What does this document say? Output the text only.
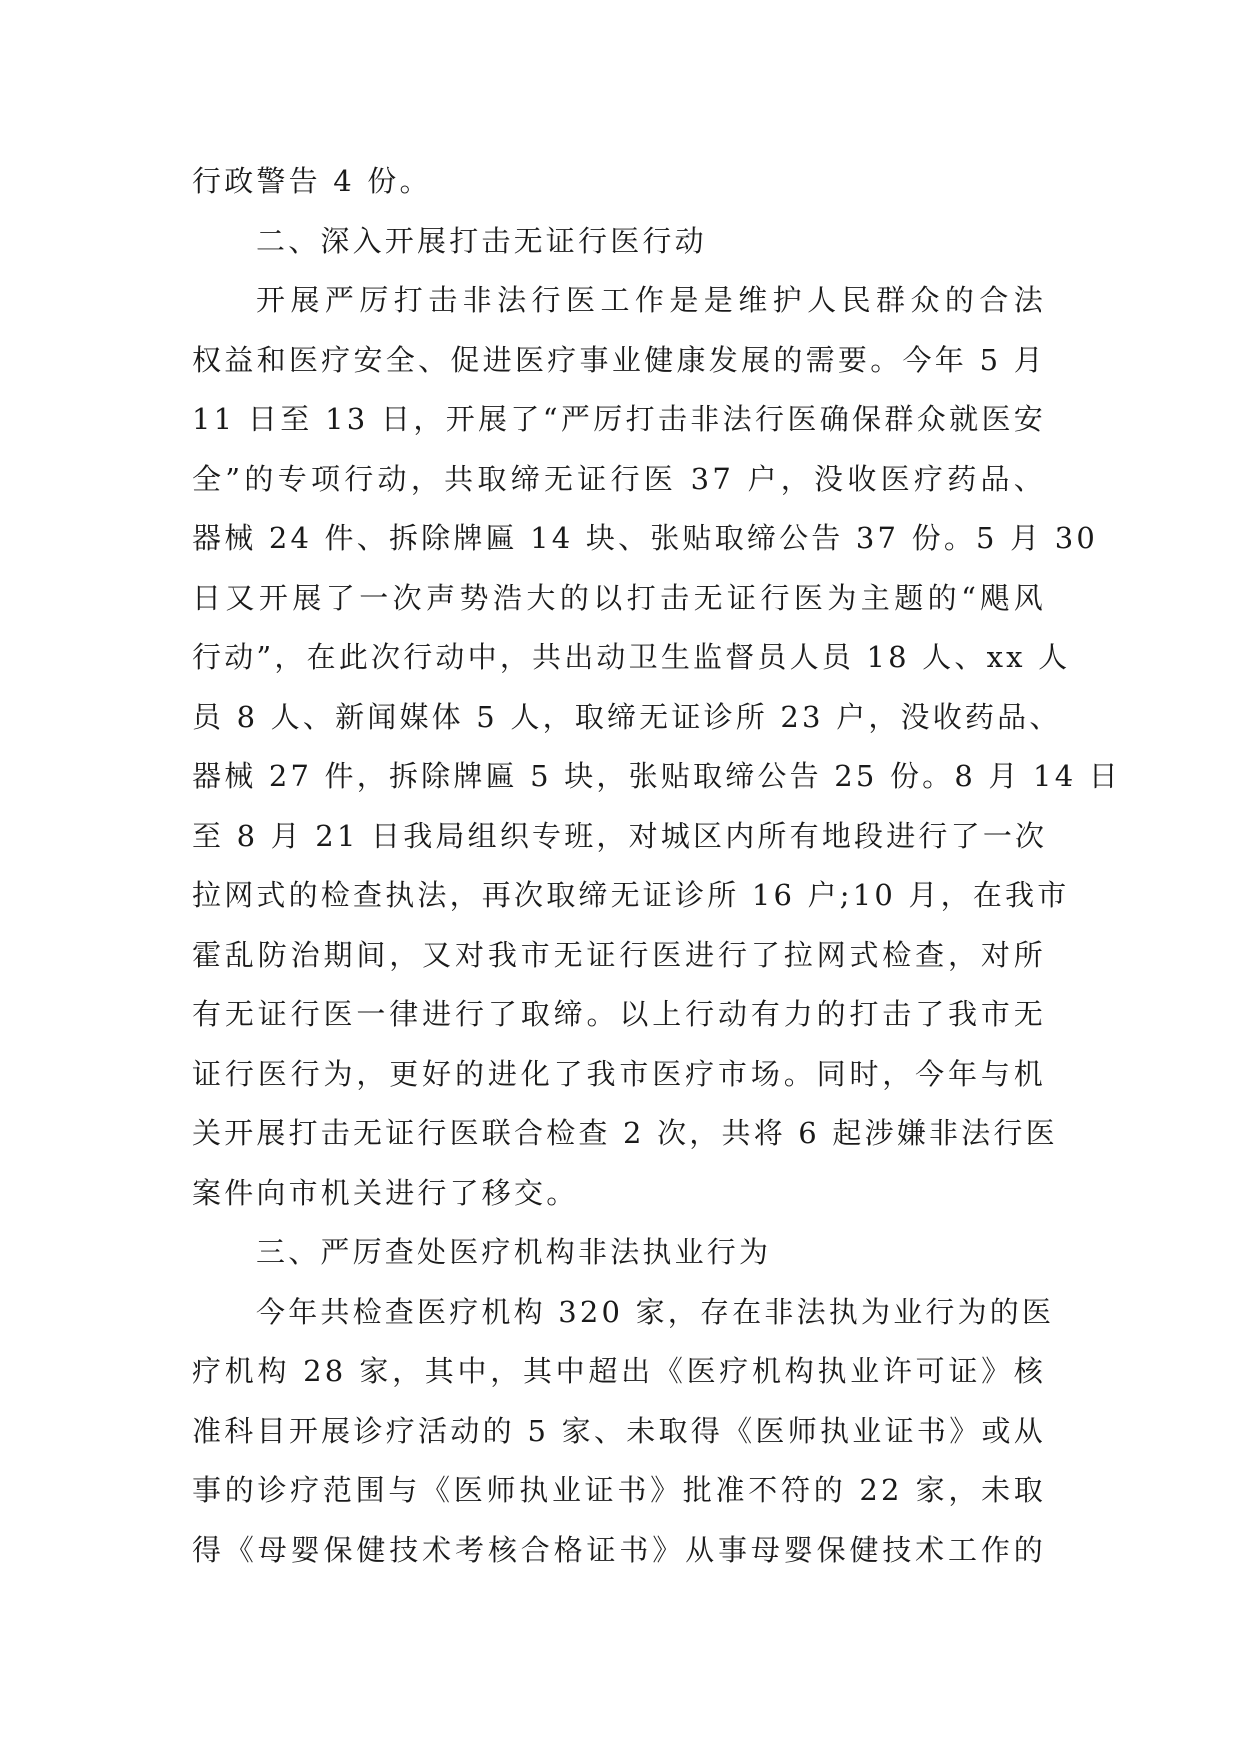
行政警告 4 份。
二、深入开展打击无证行医行动
开展严厉打击非法行医工作是是维护人民群众的合法
权益和医疗安全、促进医疗事业健康发展的需要。今年 5 月
11 日至 13 日，开展了“严厉打击非法行医确保群众就医安
全”的专项行动，共取缔无证行医 37 户，没收医疗药品、
器械 24 件、拆除牌匾 14 块、张贴取缔公告 37 份。5 月 30
日又开展了一次声势浩大的以打击无证行医为主题的“飓风
行动”，在此次行动中，共出动卫生监督员人员 18 人、xx 人
员 8 人、新闻媒体 5 人，取缔无证诊所 23 户，没收药品、
器械 27 件，拆除牌匾 5 块，张贴取缔公告 25 份。8 月 14 日
至 8 月 21 日我局组织专班，对城区内所有地段进行了一次
拉网式的检查执法，再次取缔无证诊所 16 户;10 月，在我市
霍乱防治期间，又对我市无证行医进行了拉网式检查，对所
有无证行医一律进行了取缔。以上行动有力的打击了我市无
证行医行为，更好的进化了我市医疗市场。同时，今年与机
关开展打击无证行医联合检查 2 次，共将 6 起涉嫌非法行医
案件向市机关进行了移交。
三、严厉查处医疗机构非法执业行为
今年共检查医疗机构 320 家，存在非法执为业行为的医
疗机构 28 家，其中，其中超出《医疗机构执业许可证》核
准科目开展诊疗活动的 5 家、未取得《医师执业证书》或从
事的诊疗范围与《医师执业证书》批准不符的 22 家，未取
得《母婴保健技术考核合格证书》从事母婴保健技术工作的
